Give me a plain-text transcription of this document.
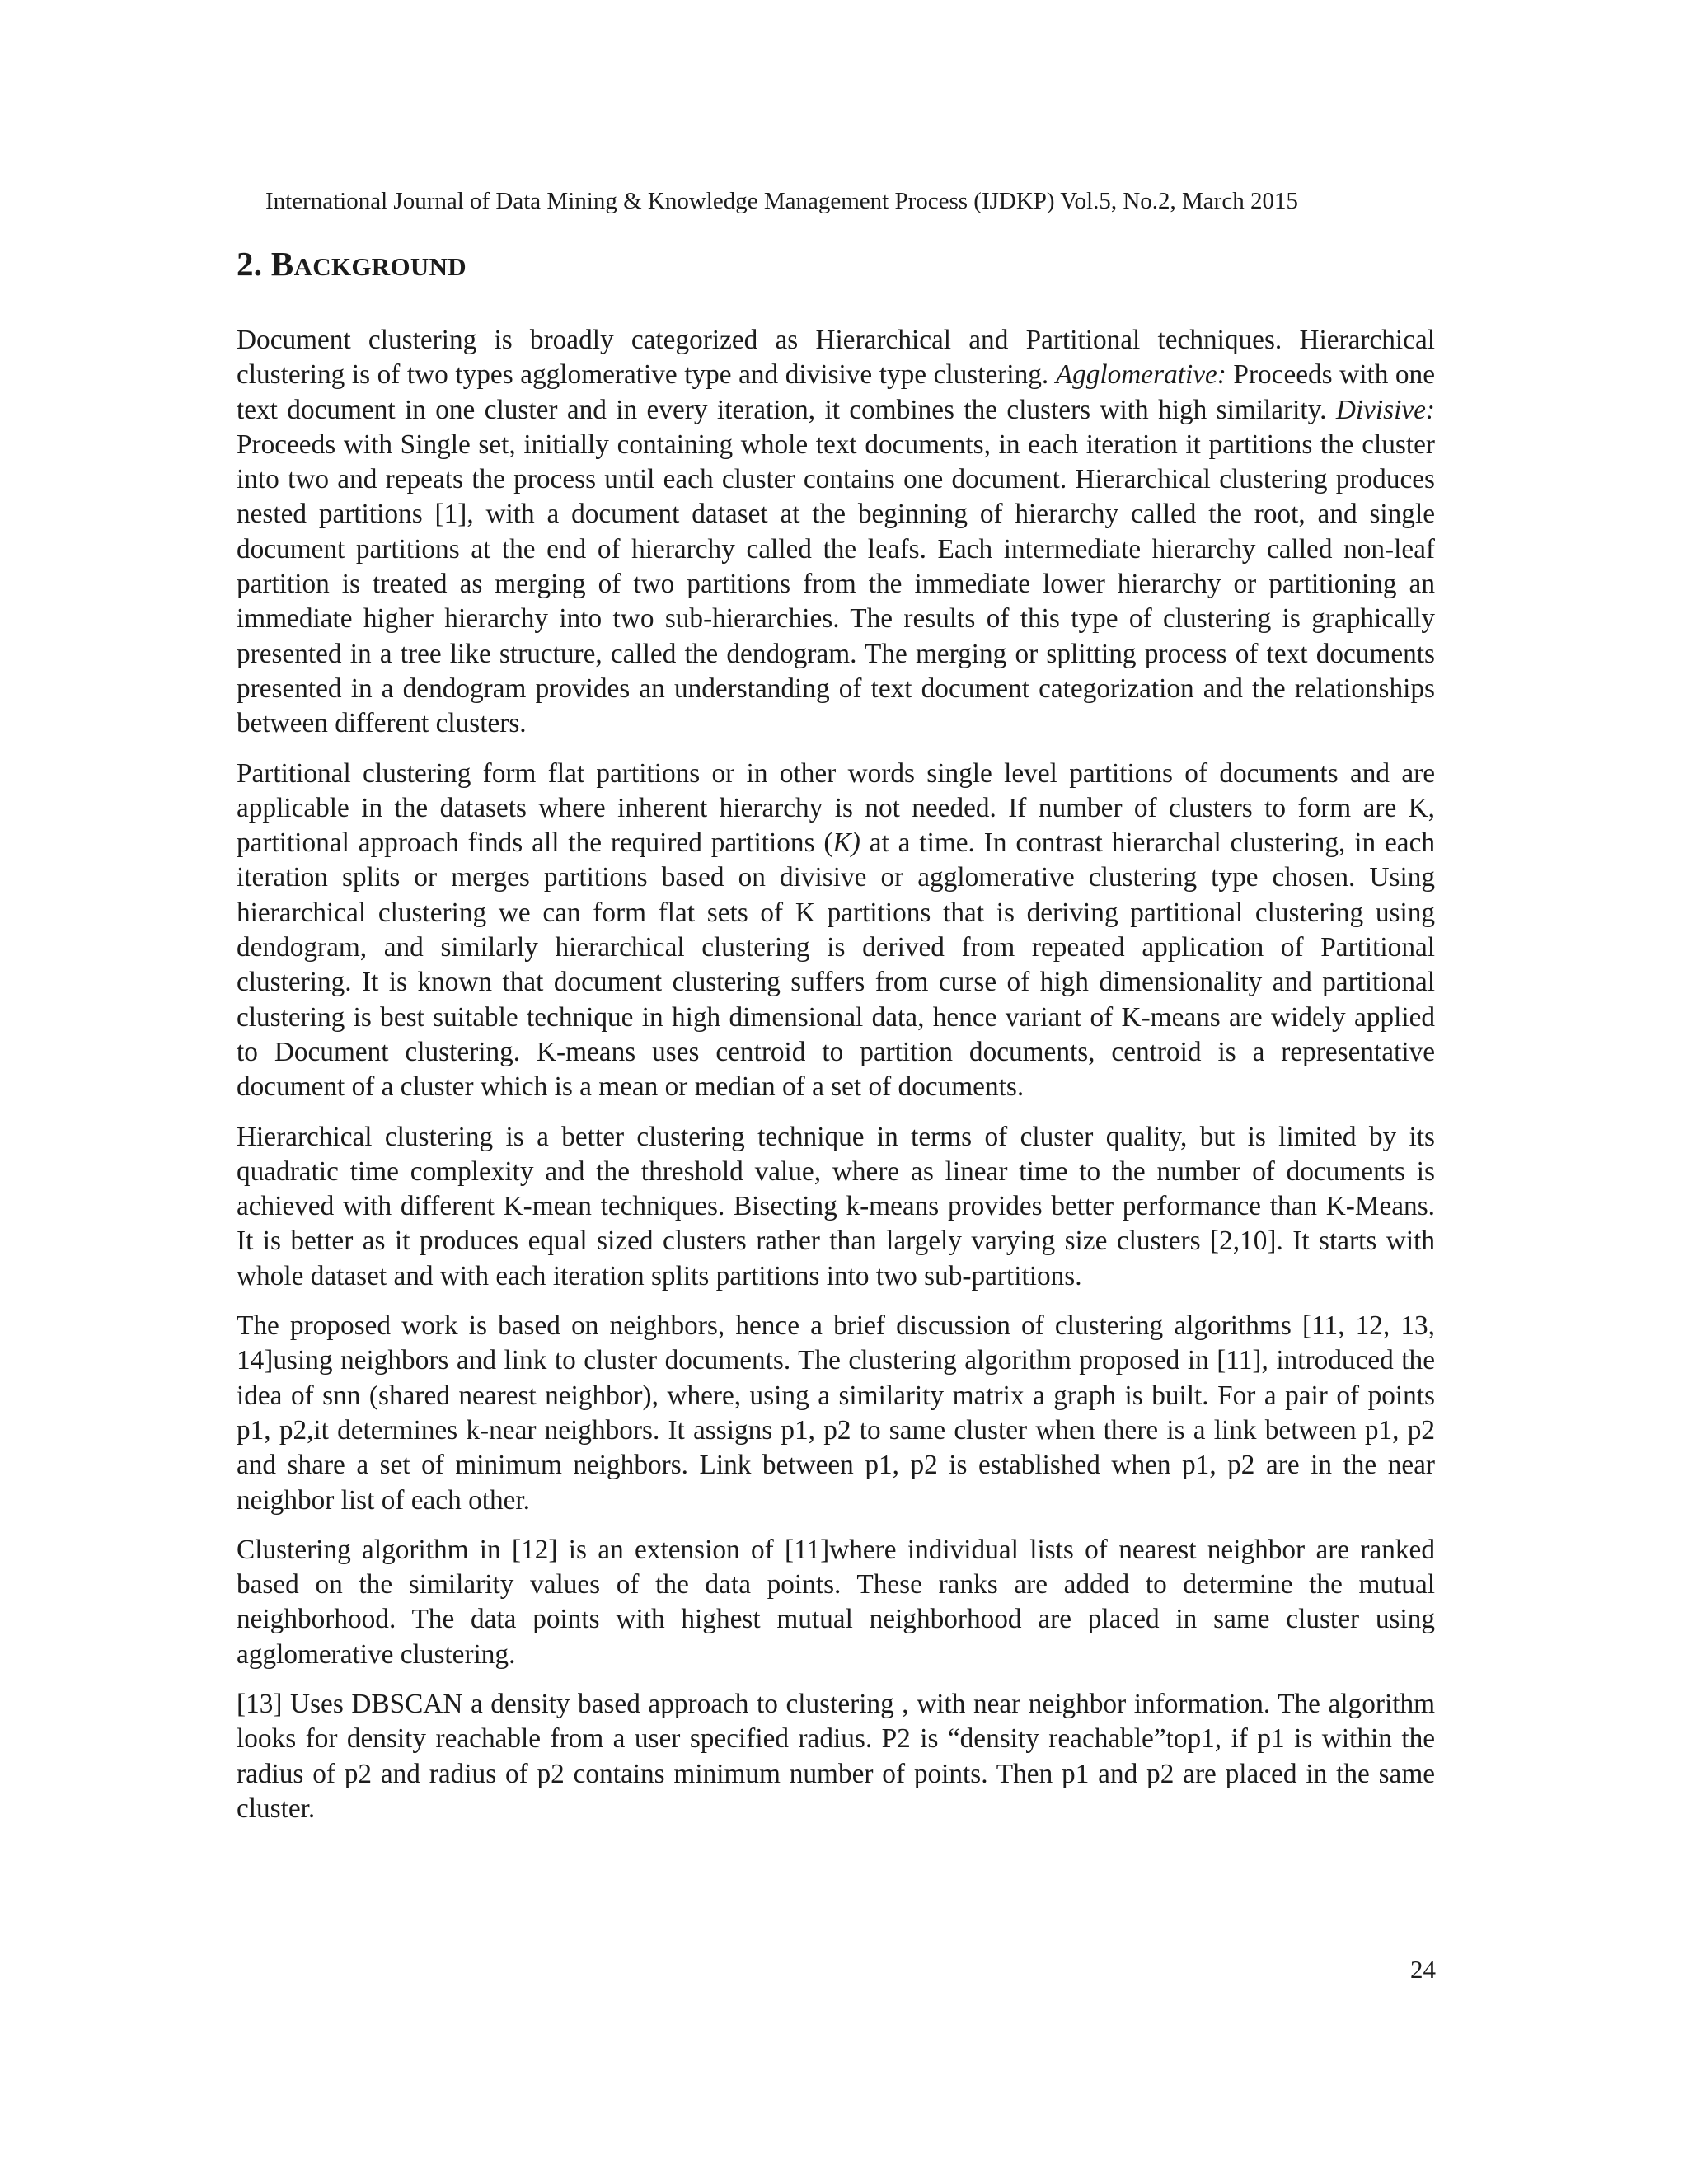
International Journal of Data Mining & Knowledge Management Process (IJDKP) Vol.5, No.2, March 2015
2. BACKGROUND

Document clustering is broadly categorized as Hierarchical and Partitional techniques. Hierarchical clustering is of two types agglomerative type and divisive type clustering. Agglomerative: Proceeds with one text document in one cluster and in every iteration, it combines the clusters with high similarity. Divisive: Proceeds with Single set, initially containing whole text documents, in each iteration it partitions the cluster into two and repeats the process until each cluster contains one document. Hierarchical clustering produces nested partitions [1], with a document dataset at the beginning of hierarchy called the root, and single document partitions at the end of hierarchy called the leafs. Each intermediate hierarchy called non-leaf partition is treated as merging of two partitions from the immediate lower hierarchy or partitioning an immediate higher hierarchy into two sub-hierarchies. The results of this type of clustering is graphically presented in a tree like structure, called the dendogram. The merging or splitting process of text documents presented in a dendogram provides an understanding of text document categorization and the relationships between different clusters.

Partitional clustering form flat partitions or in other words single level partitions of documents and are applicable in the datasets where inherent hierarchy is not needed. If number of clusters to form are K, partitional approach finds all the required partitions (K) at a time. In contrast hierarchal clustering, in each iteration splits or merges partitions based on divisive or agglomerative clustering type chosen. Using hierarchical clustering we can form flat sets of K partitions that is deriving partitional clustering using dendogram, and similarly hierarchical clustering is derived from repeated application of Partitional clustering. It is known that document clustering suffers from curse of high dimensionality and partitional clustering is best suitable technique in high dimensional data, hence variant of K-means are widely applied to Document clustering. K-means uses centroid to partition documents, centroid is a representative document of a cluster which is a mean or median of a set of documents.

Hierarchical clustering is a better clustering technique in terms of cluster quality, but is limited by its quadratic time complexity and the threshold value, where as linear time to the number of documents is achieved with different K-mean techniques. Bisecting k-means provides better performance than K-Means. It is better as it produces equal sized clusters rather than largely varying size clusters [2,10]. It starts with whole dataset and with each iteration splits partitions into two sub-partitions.

The proposed work is based on neighbors, hence a brief discussion of clustering algorithms [11, 12, 13, 14]using neighbors and link to cluster documents. The clustering algorithm proposed in [11], introduced the idea of snn (shared nearest neighbor), where, using a similarity matrix a graph is built. For a pair of points p1, p2,it determines k-near neighbors. It assigns p1, p2 to same cluster when there is a link between p1, p2 and share a set of minimum neighbors. Link between p1, p2 is established when p1, p2 are in the near neighbor list of each other.

Clustering algorithm in [12] is an extension of [11]where individual lists of nearest neighbor are ranked based on the similarity values of the data points. These ranks are added to determine the mutual neighborhood. The data points with highest mutual neighborhood are placed in same cluster using agglomerative clustering.

[13] Uses DBSCAN a density based approach to clustering , with near neighbor information. The algorithm looks for density reachable from a user specified radius. P2 is “density reachable”top1, if p1 is within the radius of p2 and radius of p2 contains minimum number of points. Then p1 and p2 are placed in the same cluster.

24
